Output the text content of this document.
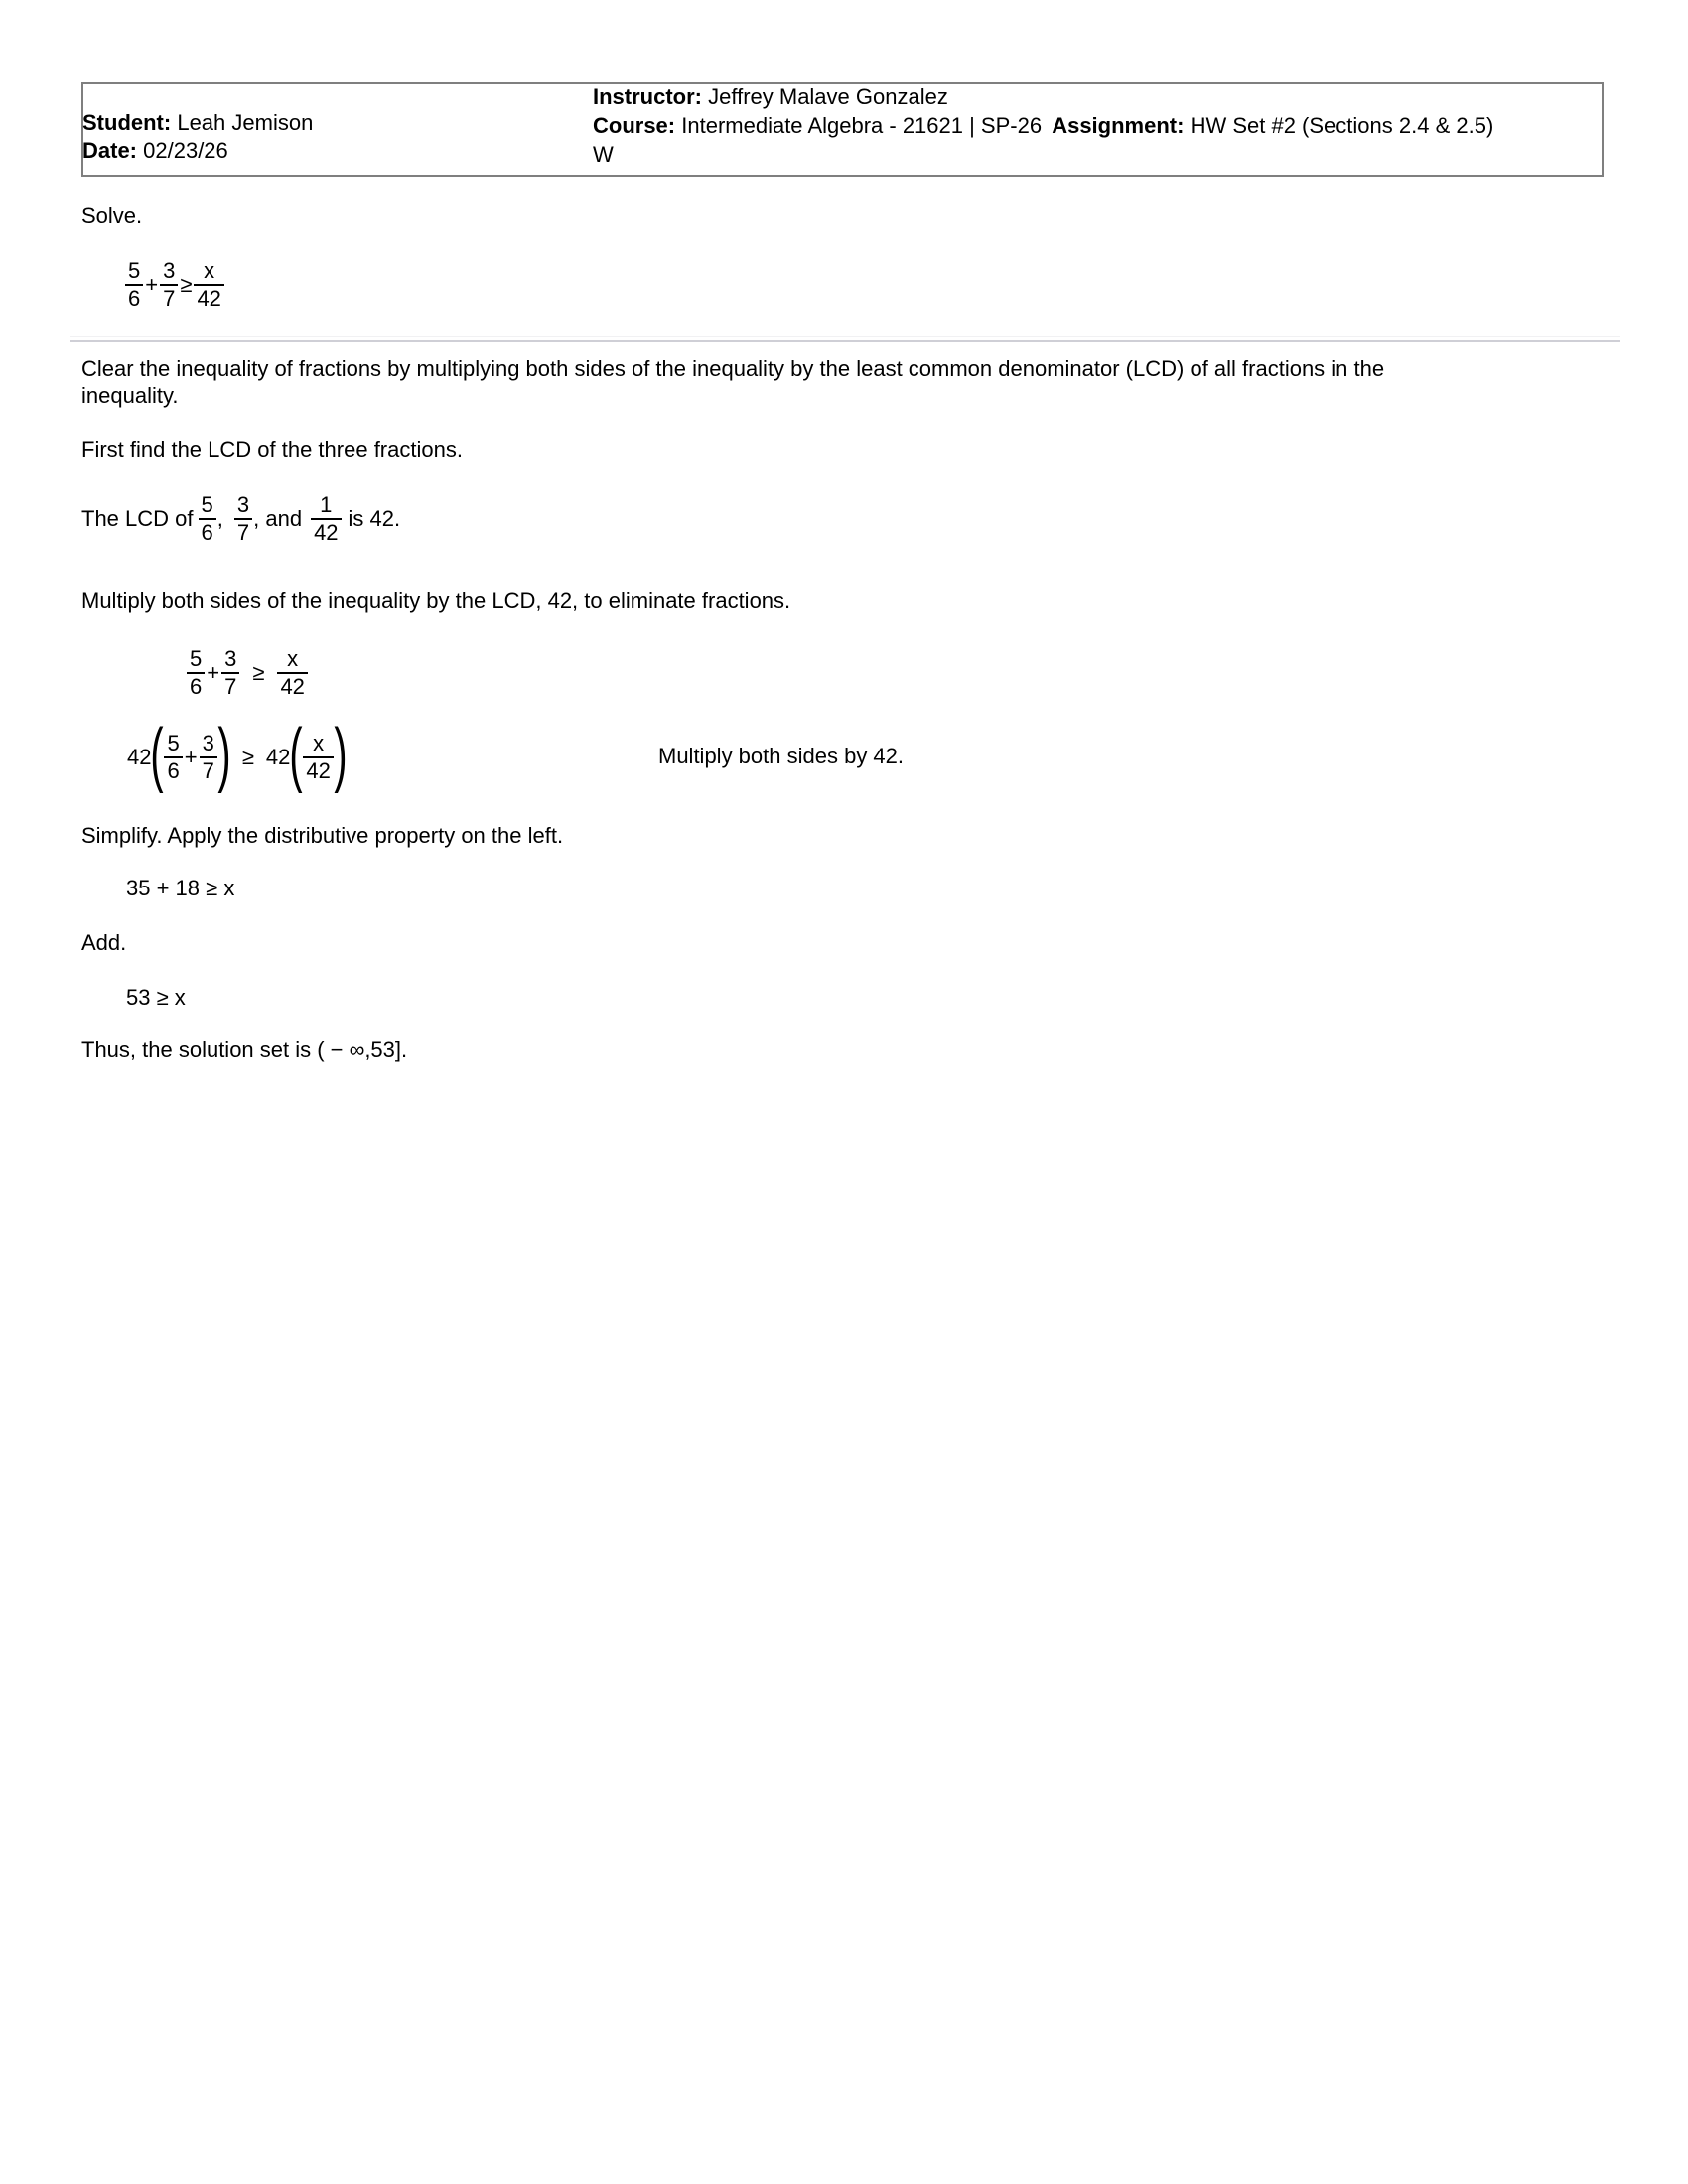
Student: Leah Jemison
Date: 02/23/26
Instructor: Jeffrey Malave Gonzalez
Course: Intermediate Algebra - 21621 | SP-26 Assignment: HW Set #2 (Sections 2.4 & 2.5)
W
Solve.
$\frac{5}{6} + \frac{3}{7} \ge \frac{x}{42}$
Clear the inequality of fractions by multiplying both sides of the inequality by the least common denominator (LCD) of all fractions in the
inequality.
First find the LCD of the three fractions.
The LCD of $\frac{5}{6}$ , $\frac{3}{7}$ , and $\frac{1}{42}$ is 42.
Multiply both sides of the inequality by the LCD, 42, to eliminate fractions.
$\frac{5}{6} + \frac{3}{7} \ge \frac{x}{42}$
42 ( $\frac{5}{6} + \frac{3}{7}$ ) ≥ 42 ( $\frac{x}{42}$ )	Multiply both sides by 42.
Simplify. Apply the distributive property on the left.
35 + 18 ≥ x
Add.
53 ≥ x
Thus, the solution set is ( − ∞,53].
